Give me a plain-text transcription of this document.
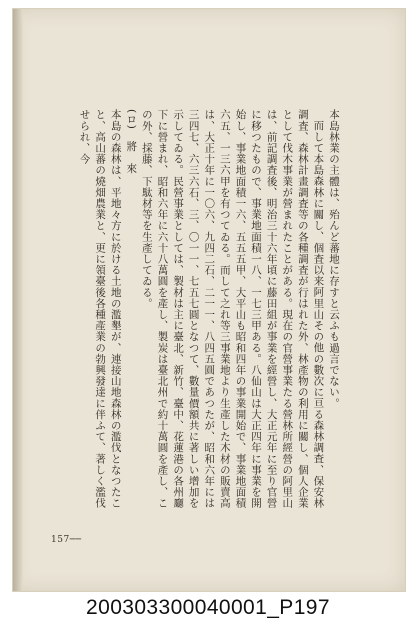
本島林業の主體は、殆んど蕃地に存すと云ふも過言でない。

而して本島森林に關し、個査以来阿里山その他の數次に亘る森林調査、保安林調査、森林計畫調査等の各種調査が行はれた外、林產物の利用に關し、個人企業として伐木事業が營まれたことがある。現在の官營事業たる營林所經營の阿里山は、前記調査後、明治三十六年頃に藤田組が事業を經營し、大正元年に至り官營に移つたもので、事業地面積一八、一七三甲ある。八仙山は大正四年に事業を開始し、事業地面積一六、五五五甲、大平山も昭和四年の事業開始で、事業地面積六五、一三六甲を有つてゐる。而して之れ等三事業地より生產した木材の販賣高は、大正十年に一〇六、九四二石、二一一、八四五圓であつたが、昭和六年には三四七、六三六石、三、〇一一、七五七圓となつて、數量價額共に著しい增加を示してゐる。民營事業としては、製材は主に臺北、新竹、臺中、花蓮港の各州廳下に營まれ、昭和六年に六十八萬圓を產し、製炭は臺北州で約十萬圓を產し、この外、採藤、下駄材等を生產してゐる。

(ロ)　將　來

本島の森林は、平地々方に於ける土地の濫墾が、連接山地森林の濫伐となつたこと、高山蕃の燒畑農業と、更に領臺後各種產業の勃興發達に伴ふて、著しく濫伐せられ、今

157──
200303300040001_P197
